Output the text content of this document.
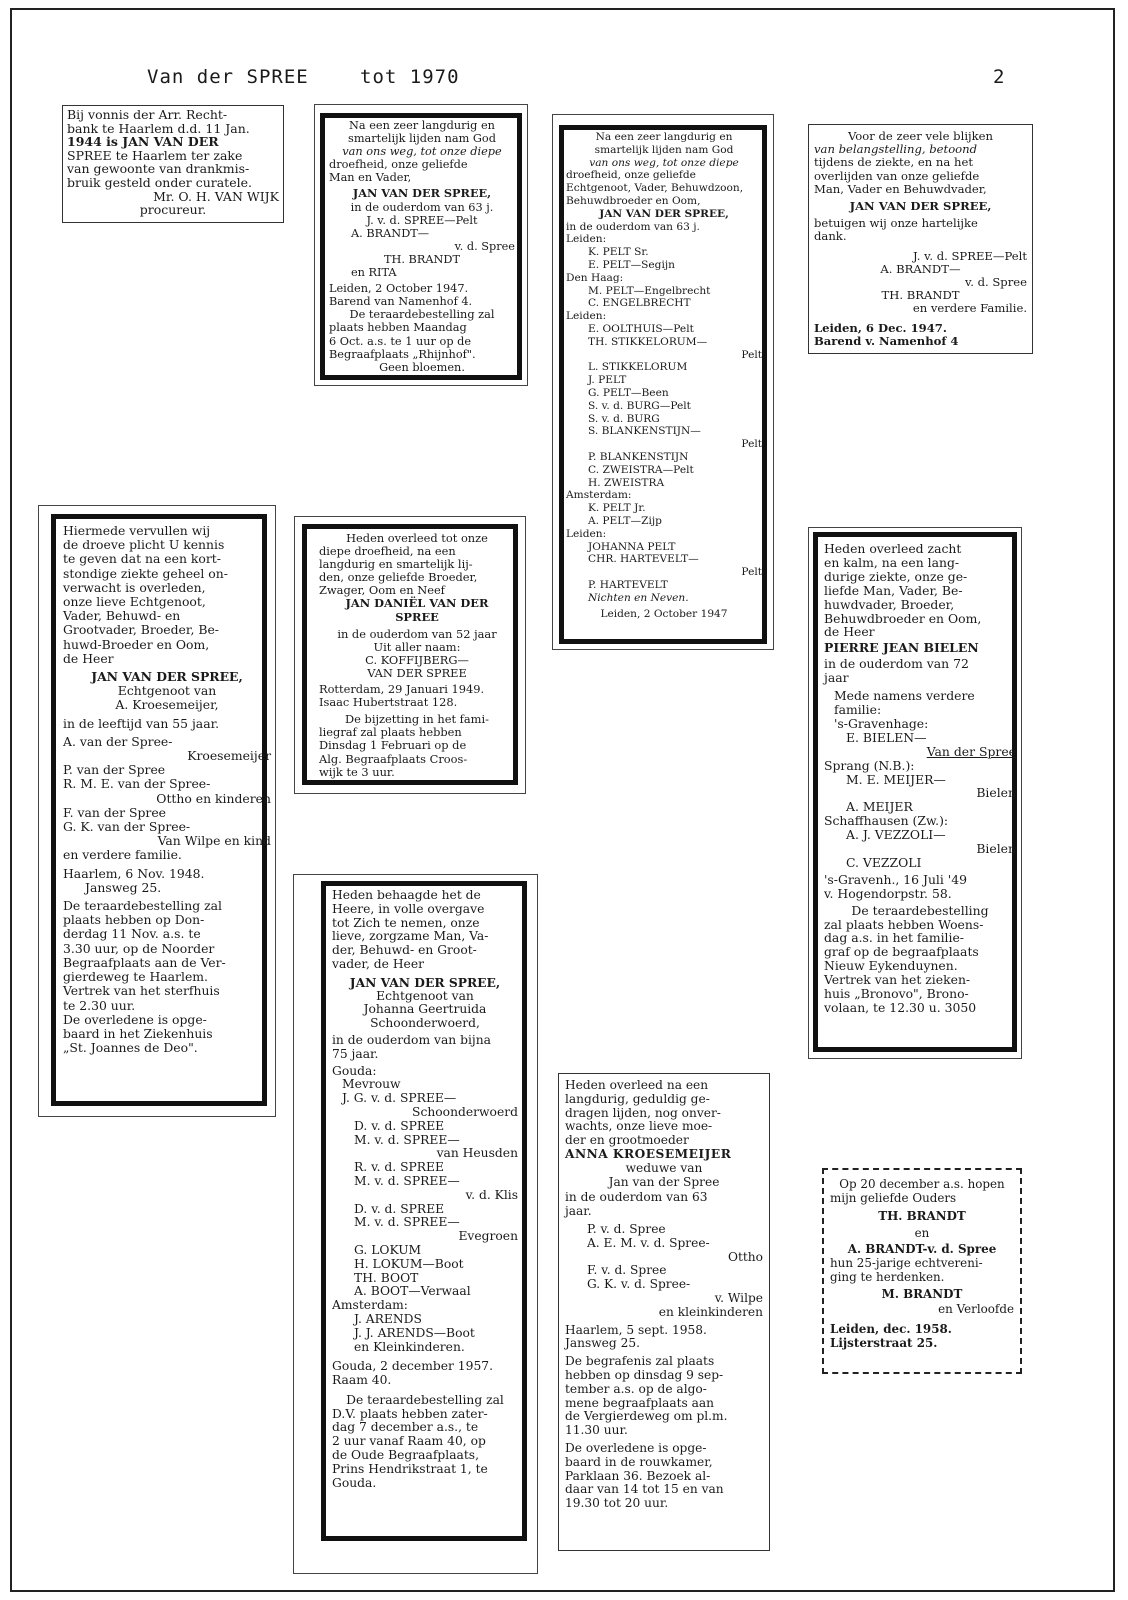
Van der SPREE	tot 1970	2
Bij vonnis der Arr. Recht-
bank te Haarlem d.d. 11 Jan.
1944 is JAN VAN DER
SPREE te Haarlem ter zake
van gewoonte van drankmis-
bruik gesteld onder curatele.
Mr. O. H. VAN WIJK
procureur.
Na een zeer langdurig en
smartelijk lijden nam God
van ons weg, tot onze diepe
droefheid, onze geliefde
Man en Vader,
JAN VAN DER SPREE,
in de ouderdom van 63 j.
J. v. d. SPREE—Pelt
A. BRANDT—
v. d. Spree
TH. BRANDT
en RITA
Leiden, 2 October 1947.
Barend van Namenhof 4.
De teraardebestelling zal
plaats hebben Maandag
6 Oct. a.s. te 1 uur op de
Begraafplaats „Rhijnhof".
Geen bloemen.
Na een zeer langdurig en
smartelijk lijden nam God
van ons weg, tot onze diepe
droefheid, onze geliefde
Echtgenoot, Vader, Behuwdzoon,
Behuwdbroeder en Oom,
JAN VAN DER SPREE,
in de ouderdom van 63 j.
Leiden:
K. PELT Sr.
E. PELT—Segijn
Den Haag:
M. PELT—Engelbrecht
C. ENGELBRECHT
Leiden:
E. OOLTHUIS—Pelt
TH. STIKKELORUM—
Pelt
L. STIKKELORUM
J. PELT
G. PELT—Been
S. v. d. BURG—Pelt
S. v. d. BURG
S. BLANKENSTIJN—
Pelt
P. BLANKENSTIJN
C. ZWEISTRA—Pelt
H. ZWEISTRA
Amsterdam:
K. PELT Jr.
A. PELT—Zijp
Leiden:
JOHANNA PELT
CHR. HARTEVELT—
Pelt
P. HARTEVELT
Nichten en Neven.
Leiden, 2 October 1947
Voor de zeer vele blijken
van belangstelling, betoond
tijdens de ziekte, en na het
overlijden van onze geliefde
Man, Vader en Behuwdvader,
JAN VAN DER SPREE,
betuigen wij onze hartelijke
dank.
J. v. d. SPREE—Pelt
A. BRANDT—
v. d. Spree
TH. BRANDT
en verdere Familie.
Leiden, 6 Dec. 1947.
Barend v. Namenhof 4
Hiermede vervullen wij
de droeve plicht U kennis
te geven dat na een kort-
stondige ziekte geheel on-
verwacht is overleden,
onze lieve Echtgenoot,
Vader, Behuwd- en
Grootvader, Broeder, Be-
huwd-Broeder en Oom,
de Heer
JAN VAN DER SPREE,
Echtgenoot van
A. Kroesemeijer,
in de leeftijd van 55 jaar.
A. van der Spree-
Kroesemeijer
P. van der Spree
R. M. E. van der Spree-
Ottho en kinderen
F. van der Spree
G. K. van der Spree-
Van Wilpe en kind
en verdere familie.
Haarlem, 6 Nov. 1948.
Jansweg 25.
De teraardebestelling zal
plaats hebben op Don-
derdag 11 Nov. a.s. te
3.30 uur, op de Noorder
Begraafplaats aan de Ver-
gierdeweg te Haarlem.
Vertrek van het sterfhuis
te 2.30 uur.
De overledene is opge-
baard in het Ziekenhuis
„St. Joannes de Deo".
Heden overleed tot onze
diepe droefheid, na een
langdurig en smartelijk lij-
den, onze geliefde Broeder,
Zwager, Oom en Neef
JAN DANIËL VAN DER
SPREE
in de ouderdom van 52 jaar
Uit aller naam:
C. KOFFIJBERG—
VAN DER SPREE
Rotterdam, 29 Januari 1949.
Isaac Hubertstraat 128.
De bijzetting in het fami-
liegraf zal plaats hebben
Dinsdag 1 Februari op de
Alg. Begraafplaats Croos-
wijk te 3 uur.
Heden overleed zacht
en kalm, na een lang-
durige ziekte, onze ge-
liefde Man, Vader, Be-
huwdvader, Broeder,
Behuwdbroeder en Oom,
de Heer
PIERRE JEAN BIELEN
in de ouderdom van 72
jaar
Mede namens verdere
familie:
's-Gravenhage:
E. BIELEN—
Van der Spree
Sprang (N.B.):
M. E. MEIJER—
Bielen
A. MEIJER
Schaffhausen (Zw.):
A. J. VEZZOLI—
Bielen
C. VEZZOLI
's-Gravenh., 16 Juli '49
v. Hogendorpstr. 58.
De teraardebestelling
zal plaats hebben Woens-
dag a.s. in het familie-
graf op de begraafplaats
Nieuw Eykenduynen.
Vertrek van het zieken-
huis „Bronovo", Brono-
volaan, te 12.30 u. 3050
Heden behaagde het de
Heere, in volle overgave
tot Zich te nemen, onze
lieve, zorgzame Man, Va-
der, Behuwd- en Groot-
vader, de Heer
JAN VAN DER SPREE,
Echtgenoot van
Johanna Geertruida
Schoonderwoerd,
in de ouderdom van bijna
75 jaar.
Gouda:
Mevrouw
J. G. v. d. SPREE—
Schoonderwoerd
D. v. d. SPREE
M. v. d. SPREE—
van Heusden
R. v. d. SPREE
M. v. d. SPREE—
v. d. Klis
D. v. d. SPREE
M. v. d. SPREE—
Evegroen
G. LOKUM
H. LOKUM—Boot
TH. BOOT
A. BOOT—Verwaal
Amsterdam:
J. ARENDS
J. J. ARENDS—Boot
en Kleinkinderen.
Gouda, 2 december 1957.
Raam 40.
De teraardebestelling zal
D.V. plaats hebben zater-
dag 7 december a.s., te
2 uur vanaf Raam 40, op
de Oude Begraafplaats,
Prins Hendrikstraat 1, te
Gouda.
Heden overleed na een
langdurig, geduldig ge-
dragen lijden, nog onver-
wachts, onze lieve moe-
der en grootmoeder
ANNA KROESEMEIJER
weduwe van
Jan van der Spree
in de ouderdom van 63
jaar.
P. v. d. Spree
A. E. M. v. d. Spree-
Ottho
F. v. d. Spree
G. K. v. d. Spree-
v. Wilpe
en kleinkinderen
Haarlem, 5 sept. 1958.
Jansweg 25.
De begrafenis zal plaats
hebben op dinsdag 9 sep-
tember a.s. op de algo-
mene begraafplaats aan
de Vergierdeweg om pl.m.
11.30 uur.
De overledene is opge-
baard in de rouwkamer,
Parklaan 36. Bezoek al-
daar van 14 tot 15 en van
19.30 tot 20 uur.
Op 20 december a.s. hopen
mijn geliefde Ouders
TH. BRANDT
en
A. BRANDT-v. d. Spree
hun 25-jarige echtvereni-
ging te herdenken.
M. BRANDT
en Verloofde
Leiden, dec. 1958.
Lijsterstraat 25.
